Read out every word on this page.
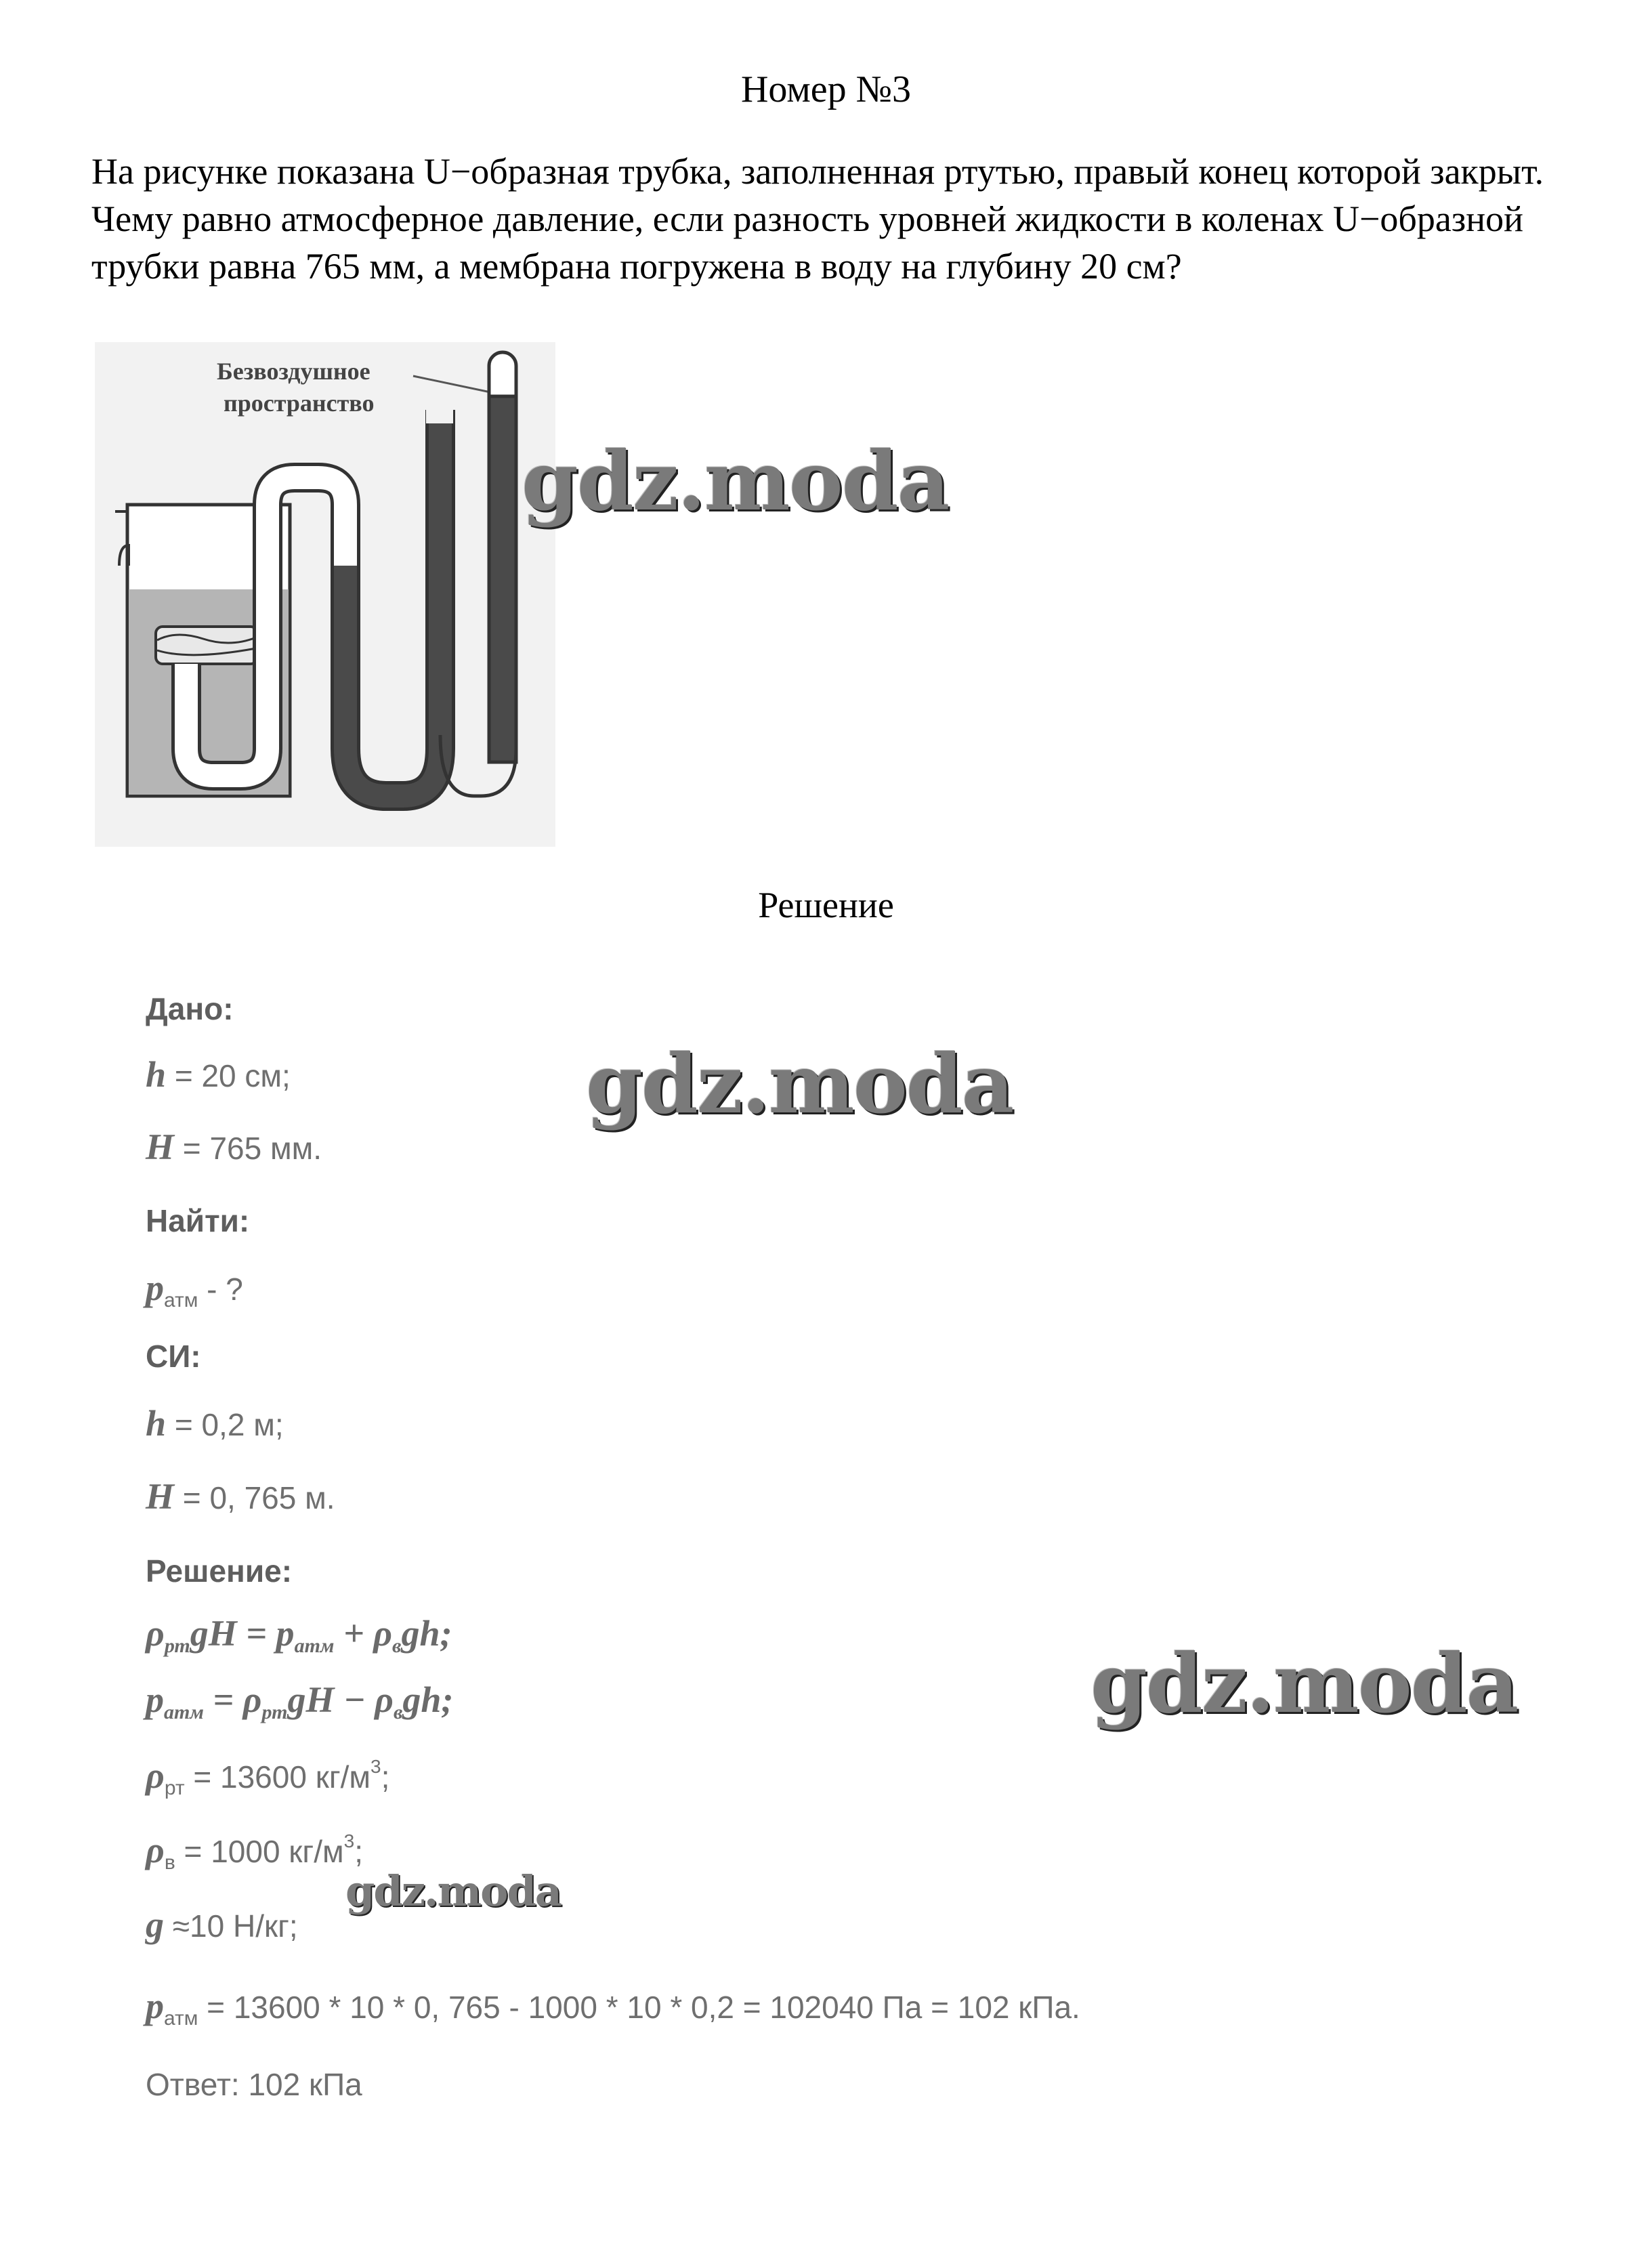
Номер №3
На рисунке показана U−образная трубка, заполненная ртутью, правый конец которой закрыт. Чему равно атмосферное давление, если разность уровней жидкости в коленах U−образной трубки равна 765 мм, а мембрана погружена в воду на глубину 20 см?
Безвоздушное
пространство
Решение
Дано:
h = 20 см;
H = 765 мм.
Найти:
$p_{атм}$ - ?
СИ:
h = 0,2 м;
H = 0, 765 м.
Решение:
$\rho_{рт}gH = p_{атм} + \rho_вgh$;
$p_{атм} = \rho_{рт}gH - \rho_вgh$;
$\rho_{рт} = 13600$ $кг/м^3$;
$\rho_в = 1000$ $кг/м^3$;
g ≈10 Н/кг;
$p_{атм} = 13600 * 10 * 0$, 765 - 1000 * 10 * 0,2 = 102040 Па = 102 кПа.
Ответ: 102 кПа
gdz.moda
gdz.moda
gdz.moda
gdz.moda
